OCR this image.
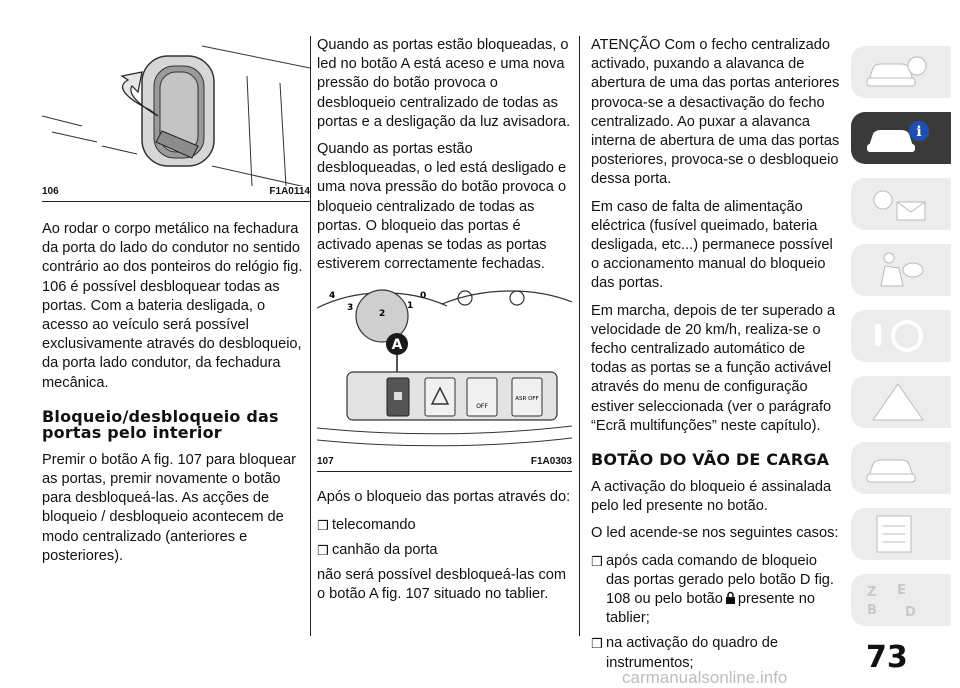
106	F1A0114

Ao rodar o corpo metálico na fechadura da porta do lado do condutor no sentido contrário ao dos ponteiros do relógio fig. 106 é possível desbloquear todas as portas. Com a bateria desligada, o acesso ao veículo será possível exclusivamente através do desbloqueio, da porta lado condutor, da fechadura mecânica.

Bloqueio/desbloqueio das portas pelo interior

Premir o botão A fig. 107 para bloquear as portas, premir novamente o botão para desbloqueá-las. As acções de bloqueio / desbloqueio acontecem de modo centralizado (anteriores e posteriores).

Quando as portas estão bloqueadas, o led no botão A está aceso e uma nova pressão do botão provoca o desbloqueio centralizado de todas as portas e a desligação da luz avisadora.

Quando as portas estão desbloqueadas, o led está desligado e uma nova pressão do botão provoca o bloqueio centralizado de todas as portas. O bloqueio das portas é activado apenas se todas as portas estiverem correctamente fechadas.

4
3
2
1
0
A
OFF
ASR OFF
107	F1A0303

Após o bloqueio das portas através do:

❒ telecomando
❒ canhão da porta

não será possível desbloqueá-las com o botão A fig. 107 situado no tablier.

ATENÇÃO Com o fecho centralizado activado, puxando a alavanca de abertura de uma das portas anteriores provoca-se a desactivação do fecho centralizado. Ao puxar a alavanca interna de abertura de uma das portas posteriores, provoca-se o desbloqueio dessa porta.

Em caso de falta de alimentação eléctrica (fusível queimado, bateria desligada, etc...) permanece possível o accionamento manual do bloqueio das portas.

Em marcha, depois de ter superado a velocidade de 20 km/h, realiza-se o fecho centralizado automático de todas as portas se a função activável através do menu de configuração estiver seleccionada (ver o parágrafo “Ecrã multifunções” neste capítulo).

BOTÃO DO VÃO DE CARGA

A activação do bloqueio é assinalada pelo led presente no botão.

O led acende-se nos seguintes casos:

❒ após cada comando de bloqueio das portas gerado pelo botão D fig. 108 ou pelo botão presente no tablier;
❒ na activação do quadro de instrumentos;
i
Z E
B D
73
carmanualsonline.info
